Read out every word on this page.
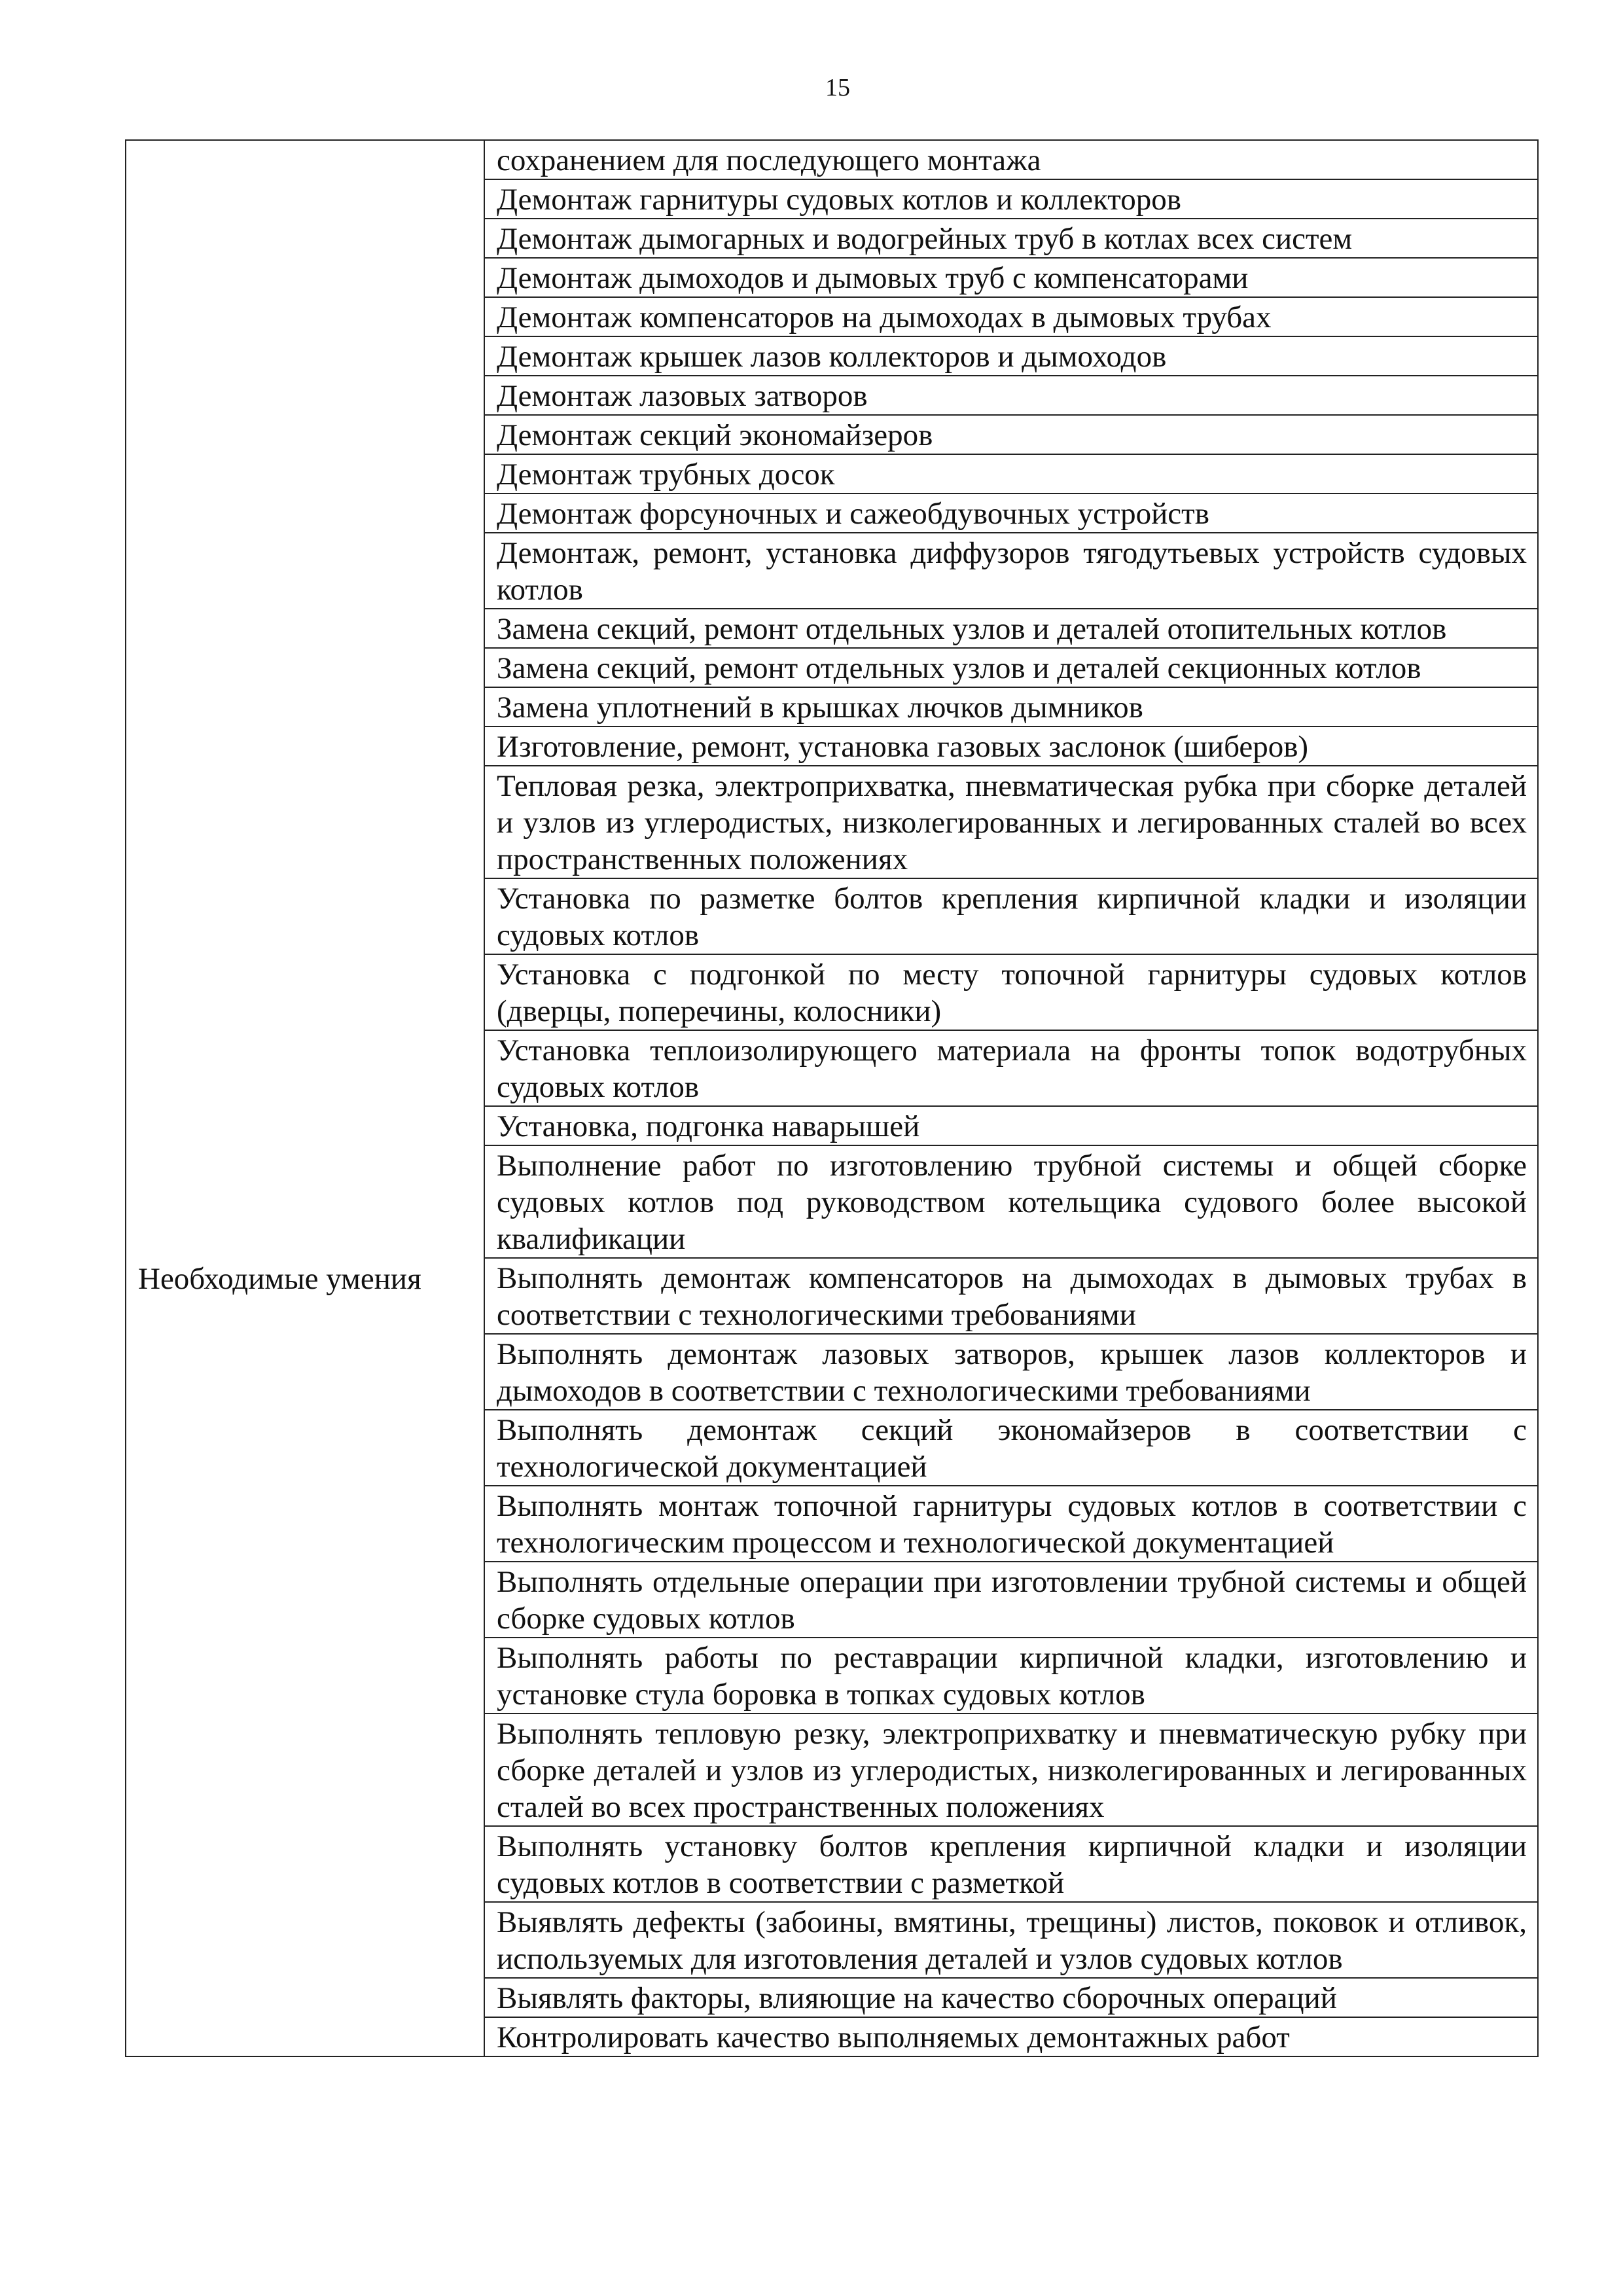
15
	сохранением для последующего монтажа
	Демонтаж гарнитуры судовых котлов и коллекторов
	Демонтаж дымогарных и водогрейных труб в котлах всех систем
	Демонтаж дымоходов и дымовых труб с компенсаторами
	Демонтаж компенсаторов на дымоходах в дымовых трубах
	Демонтаж крышек лазов коллекторов и дымоходов
	Демонтаж лазовых затворов
	Демонтаж секций экономайзеров
	Демонтаж трубных досок
	Демонтаж форсуночных и сажеобдувочных устройств
	Демонтаж, ремонт, установка диффузоров тягодутьевых устройств судовых котлов
	Замена секций, ремонт отдельных узлов и деталей отопительных котлов
	Замена секций, ремонт отдельных узлов и деталей секционных котлов
	Замена уплотнений в крышках лючков дымников
	Изготовление, ремонт, установка газовых заслонок (шиберов)
	Тепловая резка, электроприхватка, пневматическая рубка при сборке деталей и узлов из углеродистых, низколегированных и легированных сталей во всех пространственных положениях
	Установка по разметке болтов крепления кирпичной кладки и изоляции судовых котлов
	Установка с подгонкой по месту топочной гарнитуры судовых котлов (дверцы, поперечины, колосники)
	Установка теплоизолирующего материала на фронты топок водотрубных судовых котлов
	Установка, подгонка наварышей
	Выполнение работ по изготовлению трубной системы и общей сборке судовых котлов под руководством котельщика судового более высокой квалификации
Необходимые умения	Выполнять демонтаж компенсаторов на дымоходах в дымовых трубах в соответствии с технологическими требованиями
	Выполнять демонтаж лазовых затворов, крышек лазов коллекторов и дымоходов в соответствии с технологическими требованиями
	Выполнять демонтаж секций экономайзеров в соответствии с технологической документацией
	Выполнять монтаж топочной гарнитуры судовых котлов в соответствии с технологическим процессом и технологической документацией
	Выполнять отдельные операции при изготовлении трубной системы и общей сборке судовых котлов
	Выполнять работы по реставрации кирпичной кладки, изготовлению и установке стула боровка в топках судовых котлов
	Выполнять тепловую резку, электроприхватку и пневматическую рубку при сборке деталей и узлов из углеродистых, низколегированных и легированных сталей во всех пространственных положениях
	Выполнять установку болтов крепления кирпичной кладки и изоляции судовых котлов в соответствии с разметкой
	Выявлять дефекты (забоины, вмятины, трещины) листов, поковок и отливок, используемых для изготовления деталей и узлов судовых котлов
	Выявлять факторы, влияющие на качество сборочных операций
	Контролировать качество выполняемых демонтажных работ
